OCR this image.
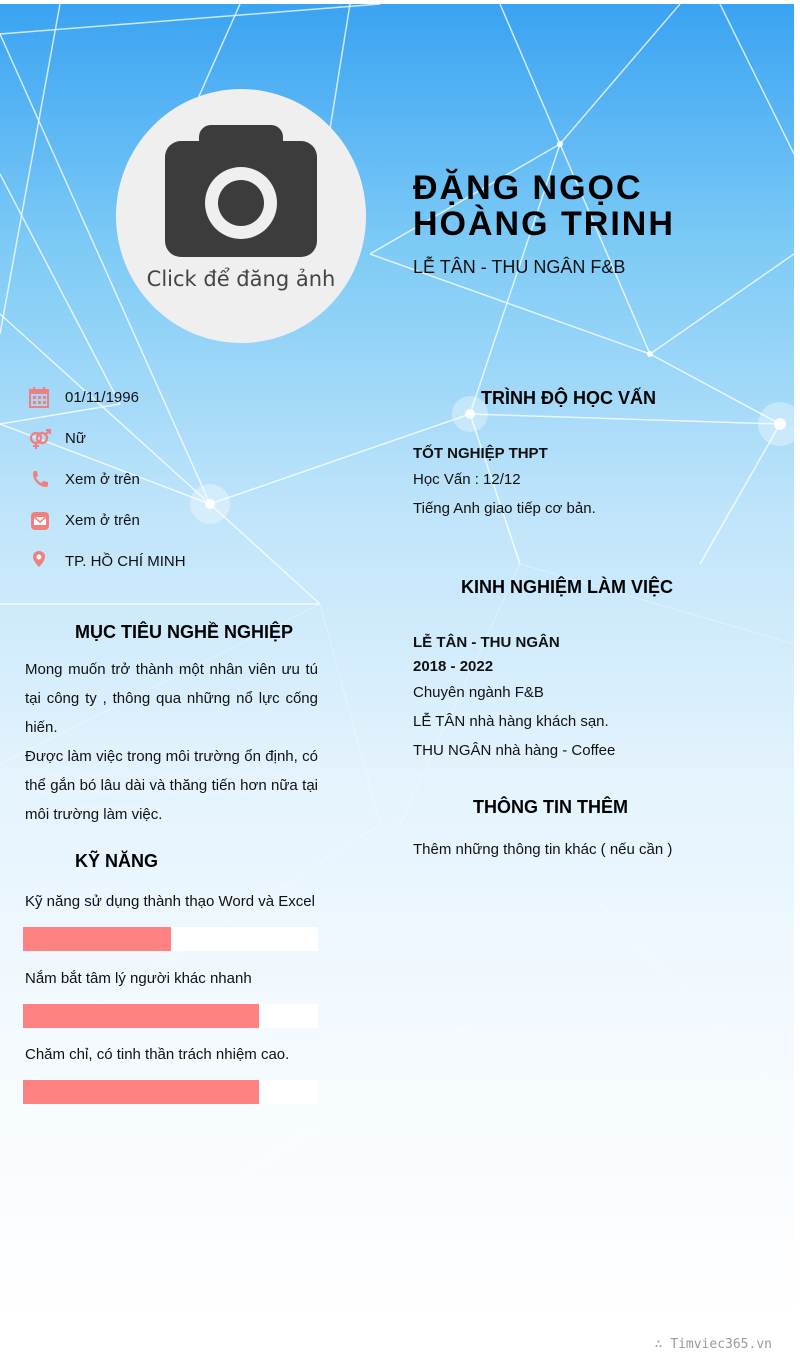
Click để đăng ảnh
ĐẶNG NGỌC HOÀNG TRINH
LỄ TÂN - THU NGÂN F&B
01/11/1996
Nữ
Xem ở trên
Xem ở trên
TP. HỒ CHÍ MINH
MỤC TIÊU NGHỀ NGHIỆP
Mong muốn trở thành một nhân viên ưu tú tại công ty , thông qua những nổ lực cống hiến.
Được làm việc trong môi trường ổn định, có thể gắn bó lâu dài và thăng tiến hơn nữa tại môi trường làm việc.
KỸ NĂNG
Kỹ năng sử dụng thành thạo Word và Excel
Nắm bắt tâm lý người khác nhanh
Chăm chỉ, có tinh thần trách nhiệm cao.
TRÌNH ĐỘ HỌC VẤN
TỐT NGHIỆP THPT
Học Vấn : 12/12
Tiếng Anh giao tiếp cơ bản.
KINH NGHIỆM LÀM VIỆC
LỄ TÂN - THU NGÂN
2018 - 2022
Chuyên ngành F&B
LỄ TÂN nhà hàng khách sạn.
THU NGÂN nhà hàng - Coffee
THÔNG TIN THÊM
Thêm những thông tin khác ( nếu cần )
∴ Timviec365.vn
